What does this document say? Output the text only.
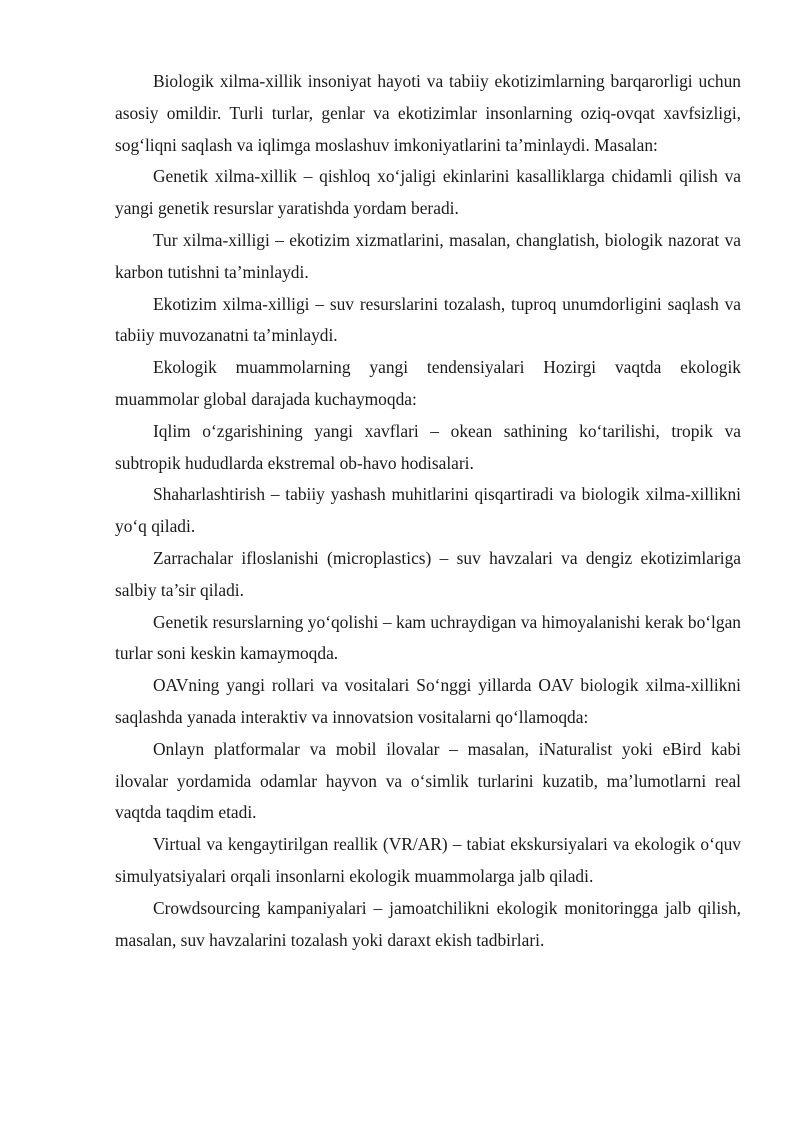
Biologik xilma-xillik insoniyat hayoti va tabiiy ekotizimlarning barqarorligi uchun asosiy omildir. Turli turlar, genlar va ekotizimlar insonlarning oziq-ovqat xavfsizligi, sog‘liqni saqlash va iqlimga moslashuv imkoniyatlarini ta’minlaydi. Masalan:

Genetik xilma-xillik – qishloq xo‘jaligi ekinlarini kasalliklarga chidamli qilish va yangi genetik resurslar yaratishda yordam beradi.

Tur xilma-xilligi – ekotizim xizmatlarini, masalan, changlatish, biologik nazorat va karbon tutishni ta’minlaydi.

Ekotizim xilma-xilligi – suv resurslarini tozalash, tuproq unumdorligini saqlash va tabiiy muvozanatni ta’minlaydi.

Ekologik muammolarning yangi tendensiyalari Hozirgi vaqtda ekologik muammolar global darajada kuchaymoqda:

Iqlim o‘zgarishining yangi xavflari – okean sathining ko‘tarilishi, tropik va subtropik hududlarda ekstremal ob-havo hodisalari.

Shaharlashtirish – tabiiy yashash muhitlarini qisqartiradi va biologik xilma-xillikni yo‘q qiladi.

Zarrachalar ifloslanishi (microplastics) – suv havzalari va dengiz ekotizimlariga salbiy ta’sir qiladi.

Genetik resurslarning yo‘qolishi – kam uchraydigan va himoyalanishi kerak bo‘lgan turlar soni keskin kamaymoqda.

OAVning yangi rollari va vositalari So‘nggi yillarda OAV biologik xilma-xillikni saqlashda yanada interaktiv va innovatsion vositalarni qo‘llamoqda:

Onlayn platformalar va mobil ilovalar – masalan, iNaturalist yoki eBird kabi ilovalar yordamida odamlar hayvon va o‘simlik turlarini kuzatib, ma’lumotlarni real vaqtda taqdim etadi.

Virtual va kengaytirilgan reallik (VR/AR) – tabiat ekskursiyalari va ekologik o‘quv simulyatsiyalari orqali insonlarni ekologik muammolarga jalb qiladi.

Crowdsourcing kampaniyalari – jamoatchilikni ekologik monitoringga jalb qilish, masalan, suv havzalarini tozalash yoki daraxt ekish tadbirlari.
